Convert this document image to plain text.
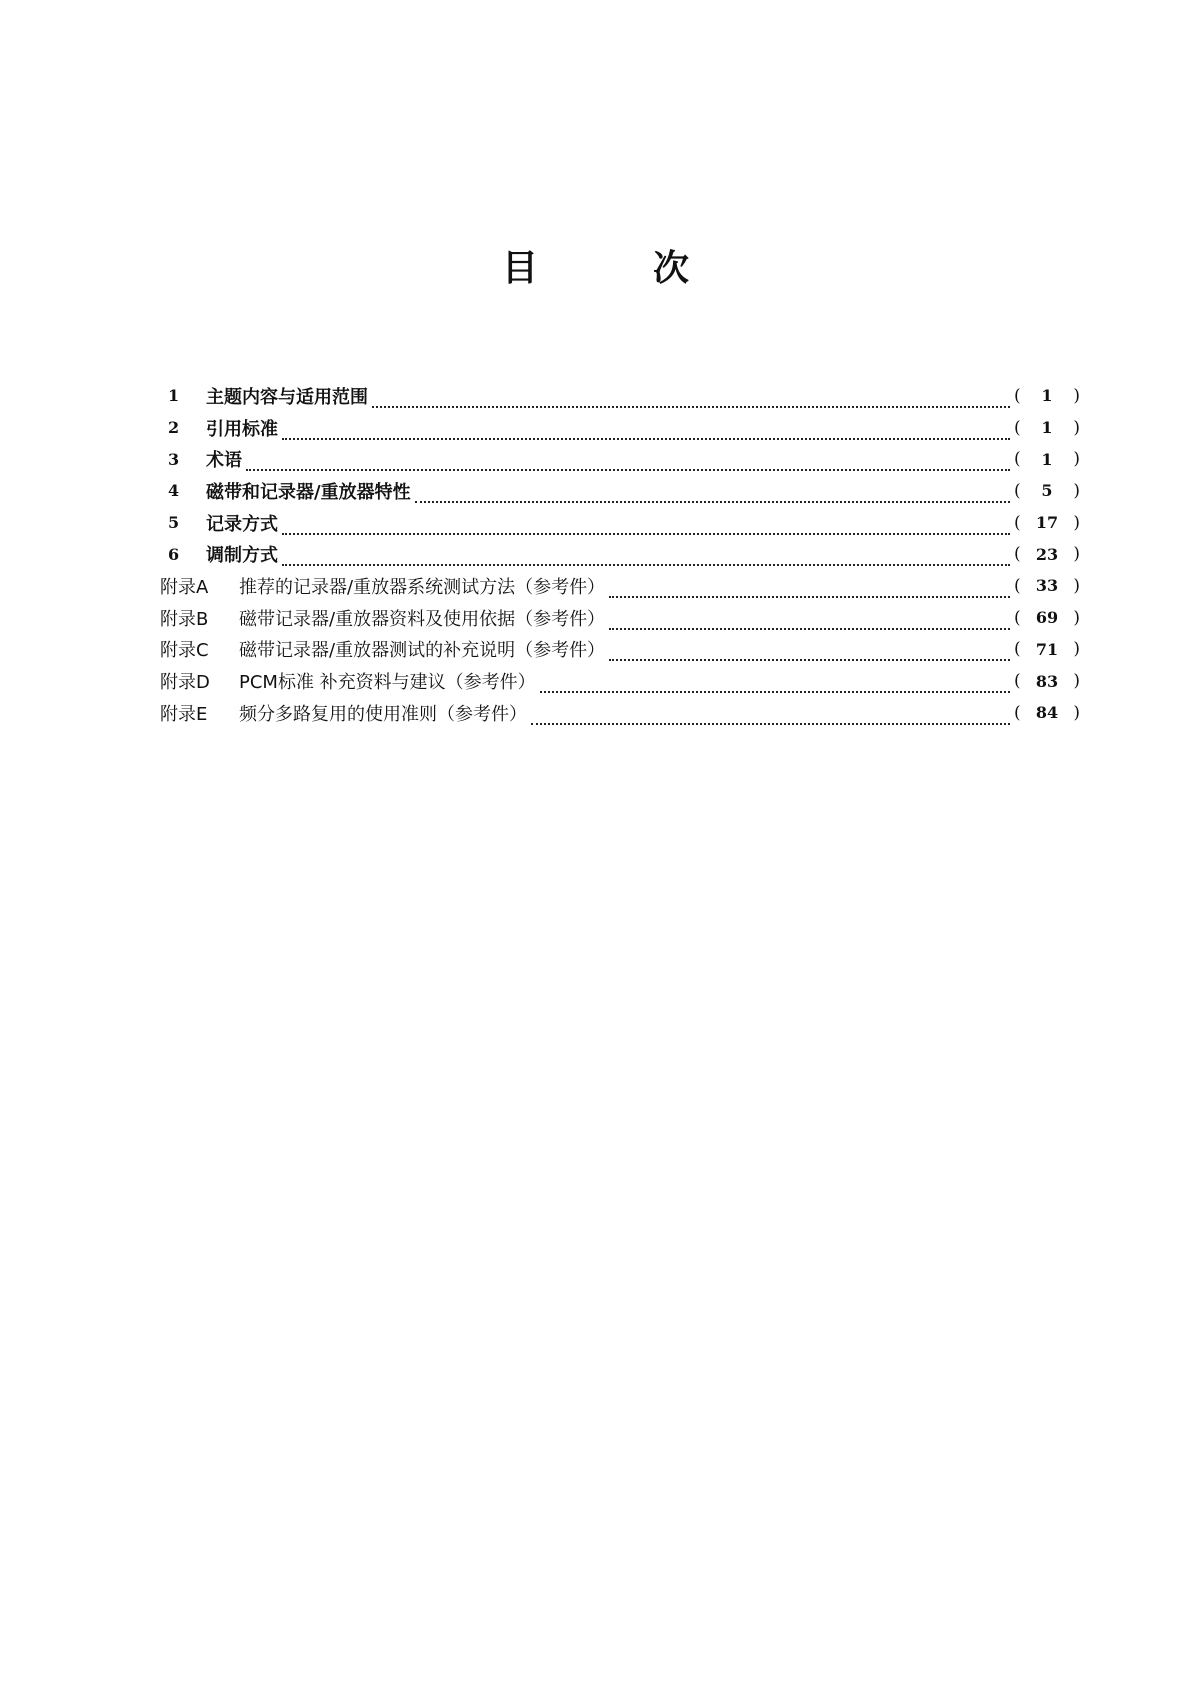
目	次
1	主题内容与适用范围	(	1	)
2	引用标准	(	1	)
3	术语	(	1	)
4	磁带和记录器/重放器特性	(	5	)
5	记录方式	( 17 )
6	调制方式	( 23 )
附录A	推荐的记录器/重放器系统测试方法（参考件）	( 33 )
附录B	磁带记录器/重放器资料及使用依据（参考件）	( 69 )
附录C	磁带记录器/重放器测试的补充说明（参考件）	( 71 )
附录D	PCM标准 补充资料与建议（参考件）	( 83 )
附录E	频分多路复用的使用准则（参考件）	( 84 )
